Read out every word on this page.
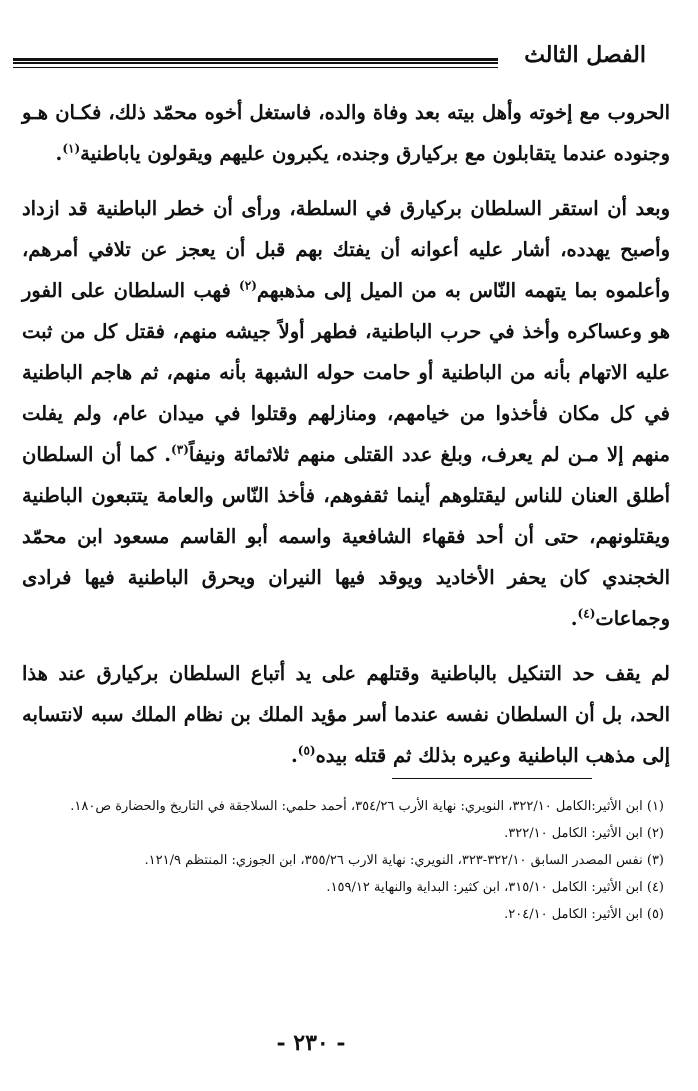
الفصل الثالث

الحروب مع إخوته وأهل بيته بعد وفاة والده، فاستغل أخوه محمّد ذلك، فكـان هـو وجنوده عندما يتقابلون مع بركيارق وجنده، يكبرون عليهم ويقولون ياباطنية$^{(١)}$.

وبعد أن استقر السلطان بركيارق في السلطة، ورأى أن خطر الباطنية قد ازداد وأصبح يهدده، أشار عليه أعوانه أن يفتك بهم قبل أن يعجز عن تلافي أمرهم، وأعلموه بما يتهمه النّاس به من الميل إلى مذهبهم$^{(٢)}$ فهب السلطان على الفور هو وعساكره وأخذ في حرب الباطنية، فطهر أولاً جيشه منهم، فقتل كل من ثبت عليه الاتهام بأنه من الباطنية أو حامت حوله الشبهة بأنه منهم، ثم هاجم الباطنية في كل مكان فأخذوا من خيامهم، ومنازلهم وقتلوا في ميدان عام، ولم يفلت منهم إلا مـن لم يعرف، وبلغ عدد القتلى منهم ثلاثمائة ونيفاً$^{(٣)}$. كما أن السلطان أطلق العنان للناس ليقتلوهم أينما ثقفوهم، فأخذ النّاس والعامة يتتبعون الباطنية ويقتلونهم، حتى أن أحد فقهاء الشافعية واسمه أبو القاسم مسعود ابن محمّد الخجندي كان يحفر الأخاديد ويوقد فيها النيران ويحرق الباطنية فيها فرادى وجماعات$^{(٤)}$.

لم يقف حد التنكيل بالباطنية وقتلهم على يد أتباع السلطان بركيارق عند هذا الحد، بل أن السلطان نفسه عندما أسر مؤيد الملك بن نظام الملك سبه لانتسابه إلى مذهب الباطنية وعيره بذلك ثم قتله بيده$^{(٥)}$.

(١) ابن الأثير:الكامل ٣٢٢/١٠، النويري: نهاية الأرب ٣٥٤/٢٦، أحمد حلمي: السلاجقة في التاريخ والحضارة ص١٨٠.
(٢) ابن الأثير: الكامل ٣٢٢/١٠.
(٣) نفس المصدر السابق ٣٢٢/١٠-٣٢٣، النويري: نهاية الارب ٣٥٥/٢٦، ابن الجوزي: المنتظم ١٢١/٩.
(٤) ابن الأثير: الكامل ٣١٥/١٠، ابن كثير: البداية والنهاية ١٥٩/١٢.
(٥) ابن الأثير: الكامل ٢٠٤/١٠.
- ٢٣٠ -
